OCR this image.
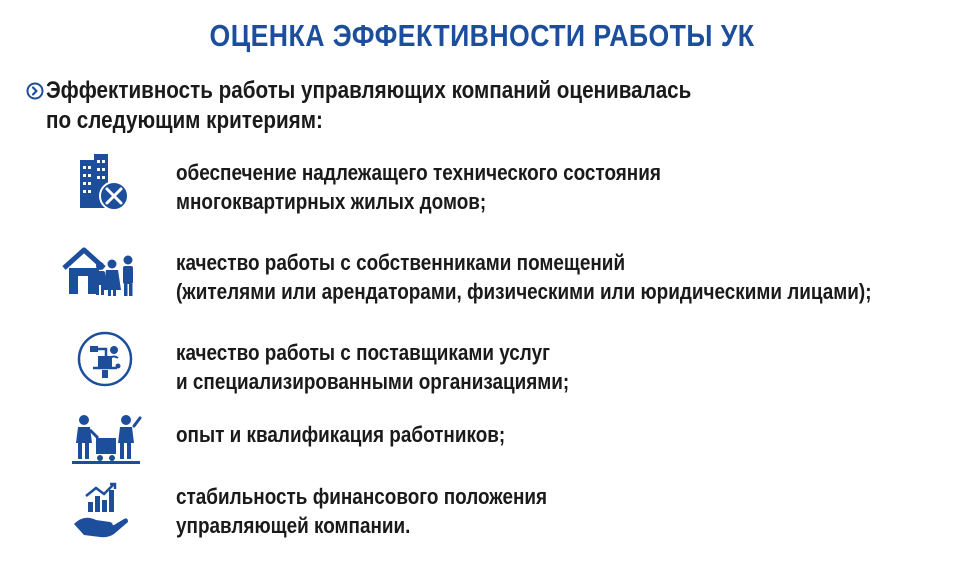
ОЦЕНКА ЭФФЕКТИВНОСТИ РАБОТЫ УК
Эффективность работы управляющих компаний оценивалась
по следующим критериям:
обеспечение надлежащего технического состояния
многоквартирных жилых домов;
качество работы с собственниками помещений
(жителями или арендаторами, физическими или юридическими лицами);
качество работы с поставщиками услуг
и специализированными организациями;
опыт и квалификация работников;
стабильность финансового положения
управляющей компании.
